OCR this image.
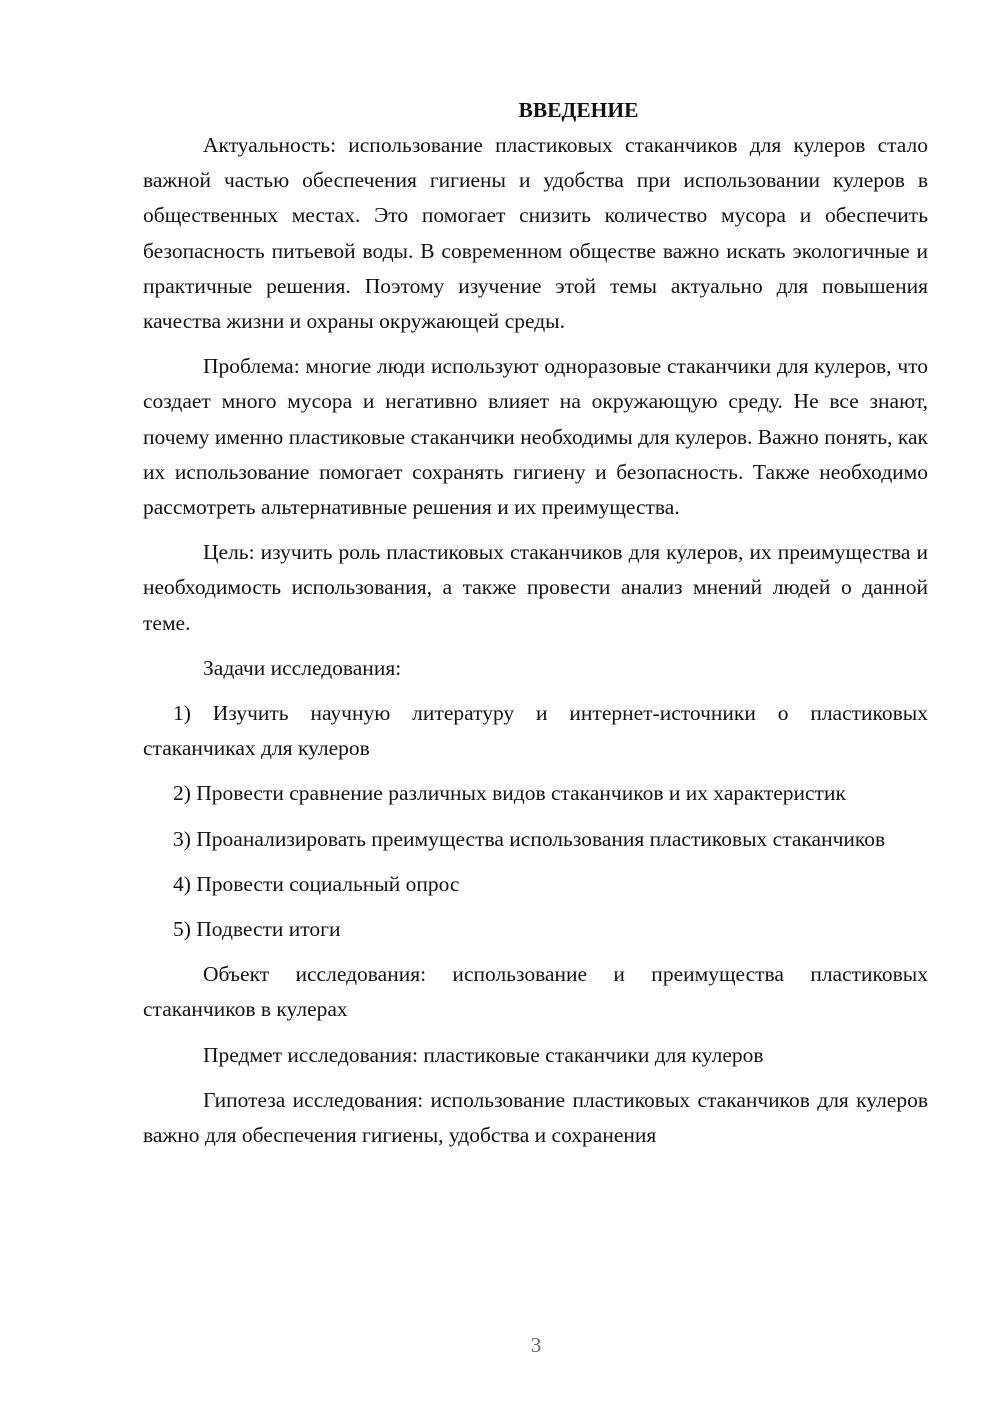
ВВЕДЕНИЕ

Актуальность: использование пластиковых стаканчиков для кулеров стало важной частью обеспечения гигиены и удобства при использовании кулеров в общественных местах. Это помогает снизить количество мусора и обеспечить безопасность питьевой воды. В современном обществе важно искать экологичные и практичные решения. Поэтому изучение этой темы актуально для повышения качества жизни и охраны окружающей среды.

Проблема: многие люди используют одноразовые стаканчики для кулеров, что создает много мусора и негативно влияет на окружающую среду. Не все знают, почему именно пластиковые стаканчики необходимы для кулеров. Важно понять, как их использование помогает сохранять гигиену и безопасность. Также необходимо рассмотреть альтернативные решения и их преимущества.

Цель: изучить роль пластиковых стаканчиков для кулеров, их преимущества и необходимость использования, а также провести анализ мнений людей о данной теме.

Задачи исследования:

1) Изучить научную литературу и интернет-источники о пластиковых стаканчиках для кулеров

2) Провести сравнение различных видов стаканчиков и их характеристик

3) Проанализировать преимущества использования пластиковых стаканчиков

4) Провести социальный опрос

5) Подвести итоги

Объект исследования: использование и преимущества пластиковых стаканчиков в кулерах

Предмет исследования: пластиковые стаканчики для кулеров

Гипотеза исследования: использование пластиковых стаканчиков для кулеров важно для обеспечения гигиены, удобства и сохранения

3
